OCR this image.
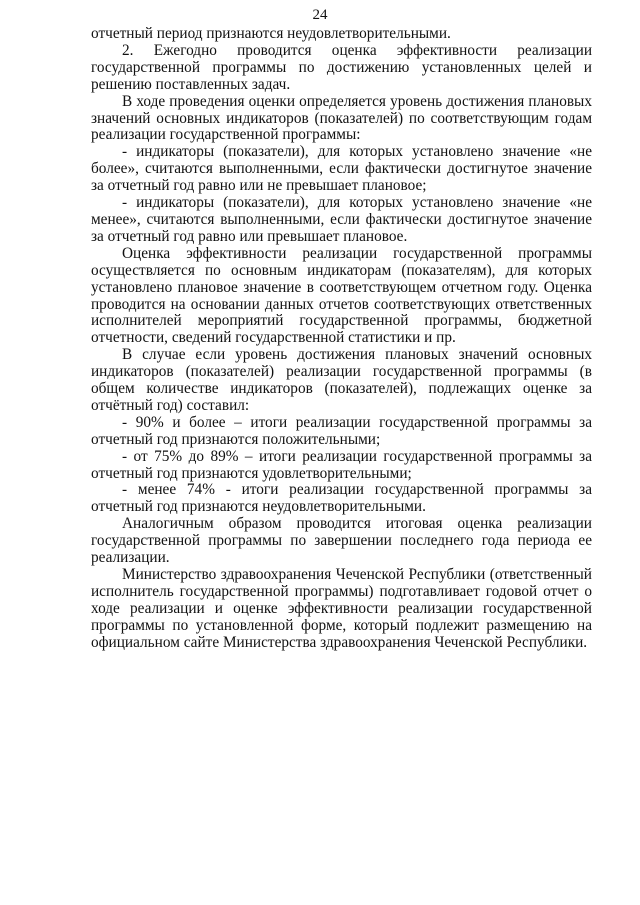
24

отчетный период признаются неудовлетворительными.

2. Ежегодно проводится оценка эффективности реализации государственной программы по достижению установленных целей и решению поставленных задач.

В ходе проведения оценки определяется уровень достижения плановых значений основных индикаторов (показателей) по соответствующим годам реализации государственной программы:

- индикаторы (показатели), для которых установлено значение «не более», считаются выполненными, если фактически достигнутое значение за отчетный год равно или не превышает плановое;

- индикаторы (показатели), для которых установлено значение «не менее», считаются выполненными, если фактически достигнутое значение за отчетный год равно или превышает плановое.

Оценка эффективности реализации государственной программы осуществляется по основным индикаторам (показателям), для которых установлено плановое значение в соответствующем отчетном году. Оценка проводится на основании данных отчетов соответствующих ответственных исполнителей мероприятий государственной программы, бюджетной отчетности, сведений государственной статистики и пр.

В случае если уровень достижения плановых значений основных индикаторов (показателей) реализации государственной программы (в общем количестве индикаторов (показателей), подлежащих оценке за отчётный год) составил:

- 90% и более – итоги реализации государственной программы за отчетный год признаются положительными;

- от 75% до 89% – итоги реализации государственной программы за отчетный год признаются удовлетворительными;

- менее 74% - итоги реализации государственной программы за отчетный год признаются неудовлетворительными.

Аналогичным образом проводится итоговая оценка реализации государственной программы по завершении последнего года периода ее реализации.

Министерство здравоохранения Чеченской Республики (ответственный исполнитель государственной программы) подготавливает годовой отчет о ходе реализации и оценке эффективности реализации государственной программы по установленной форме, который подлежит размещению на официальном сайте Министерства здравоохранения Чеченской Республики.
